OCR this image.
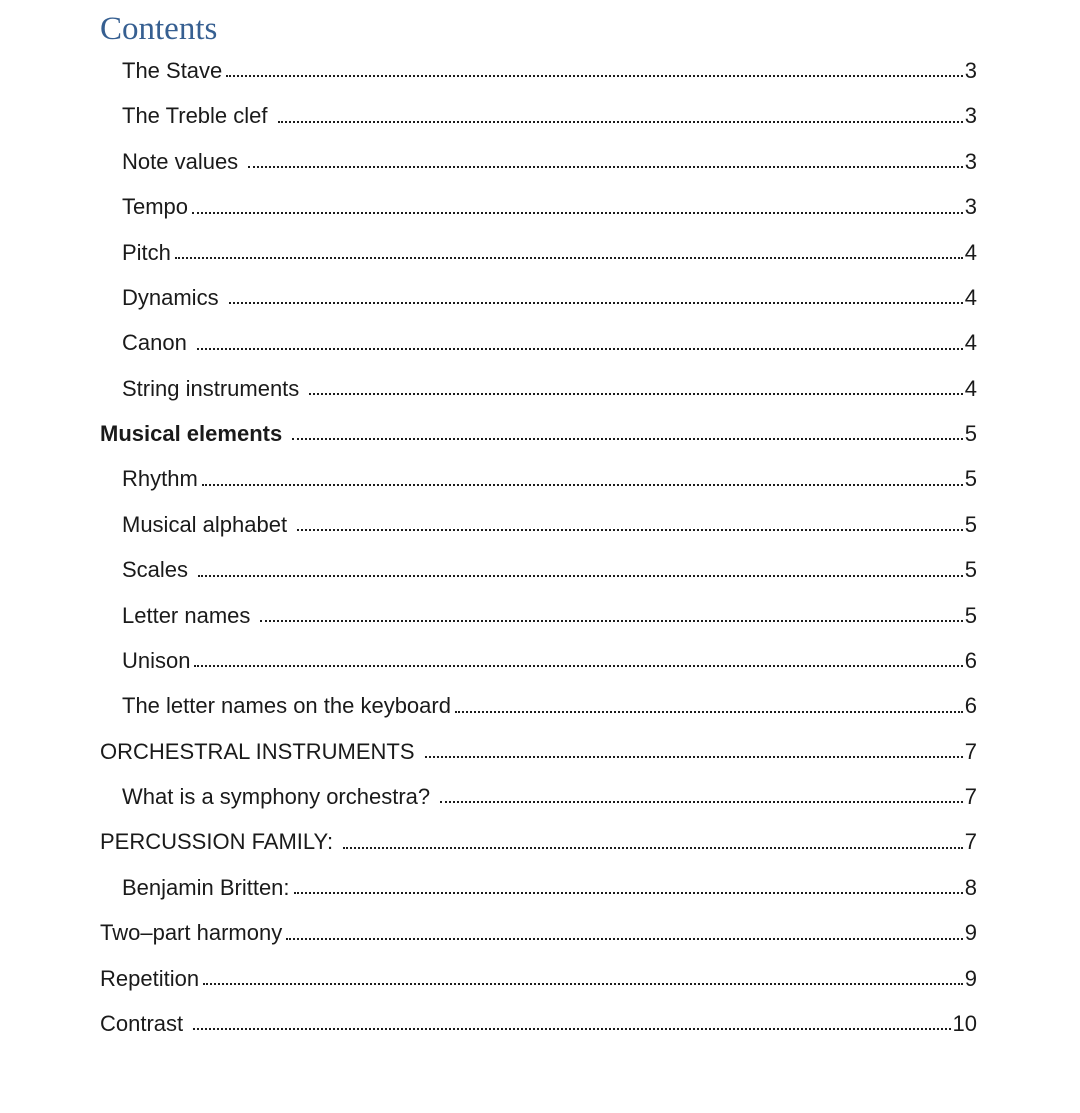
Contents
The Stave	3
The Treble clef	3
Note values	3
Tempo	3
Pitch	4
Dynamics	4
Canon	4
String instruments	4
Musical elements	5
Rhythm	5
Musical alphabet	5
Scales	5
Letter names	5
Unison	6
The letter names on the keyboard	6
ORCHESTRAL INSTRUMENTS	7
What is a symphony orchestra?	7
PERCUSSION FAMILY:	7
Benjamin Britten:	8
Two–part harmony	9
Repetition	9
Contrast	10
